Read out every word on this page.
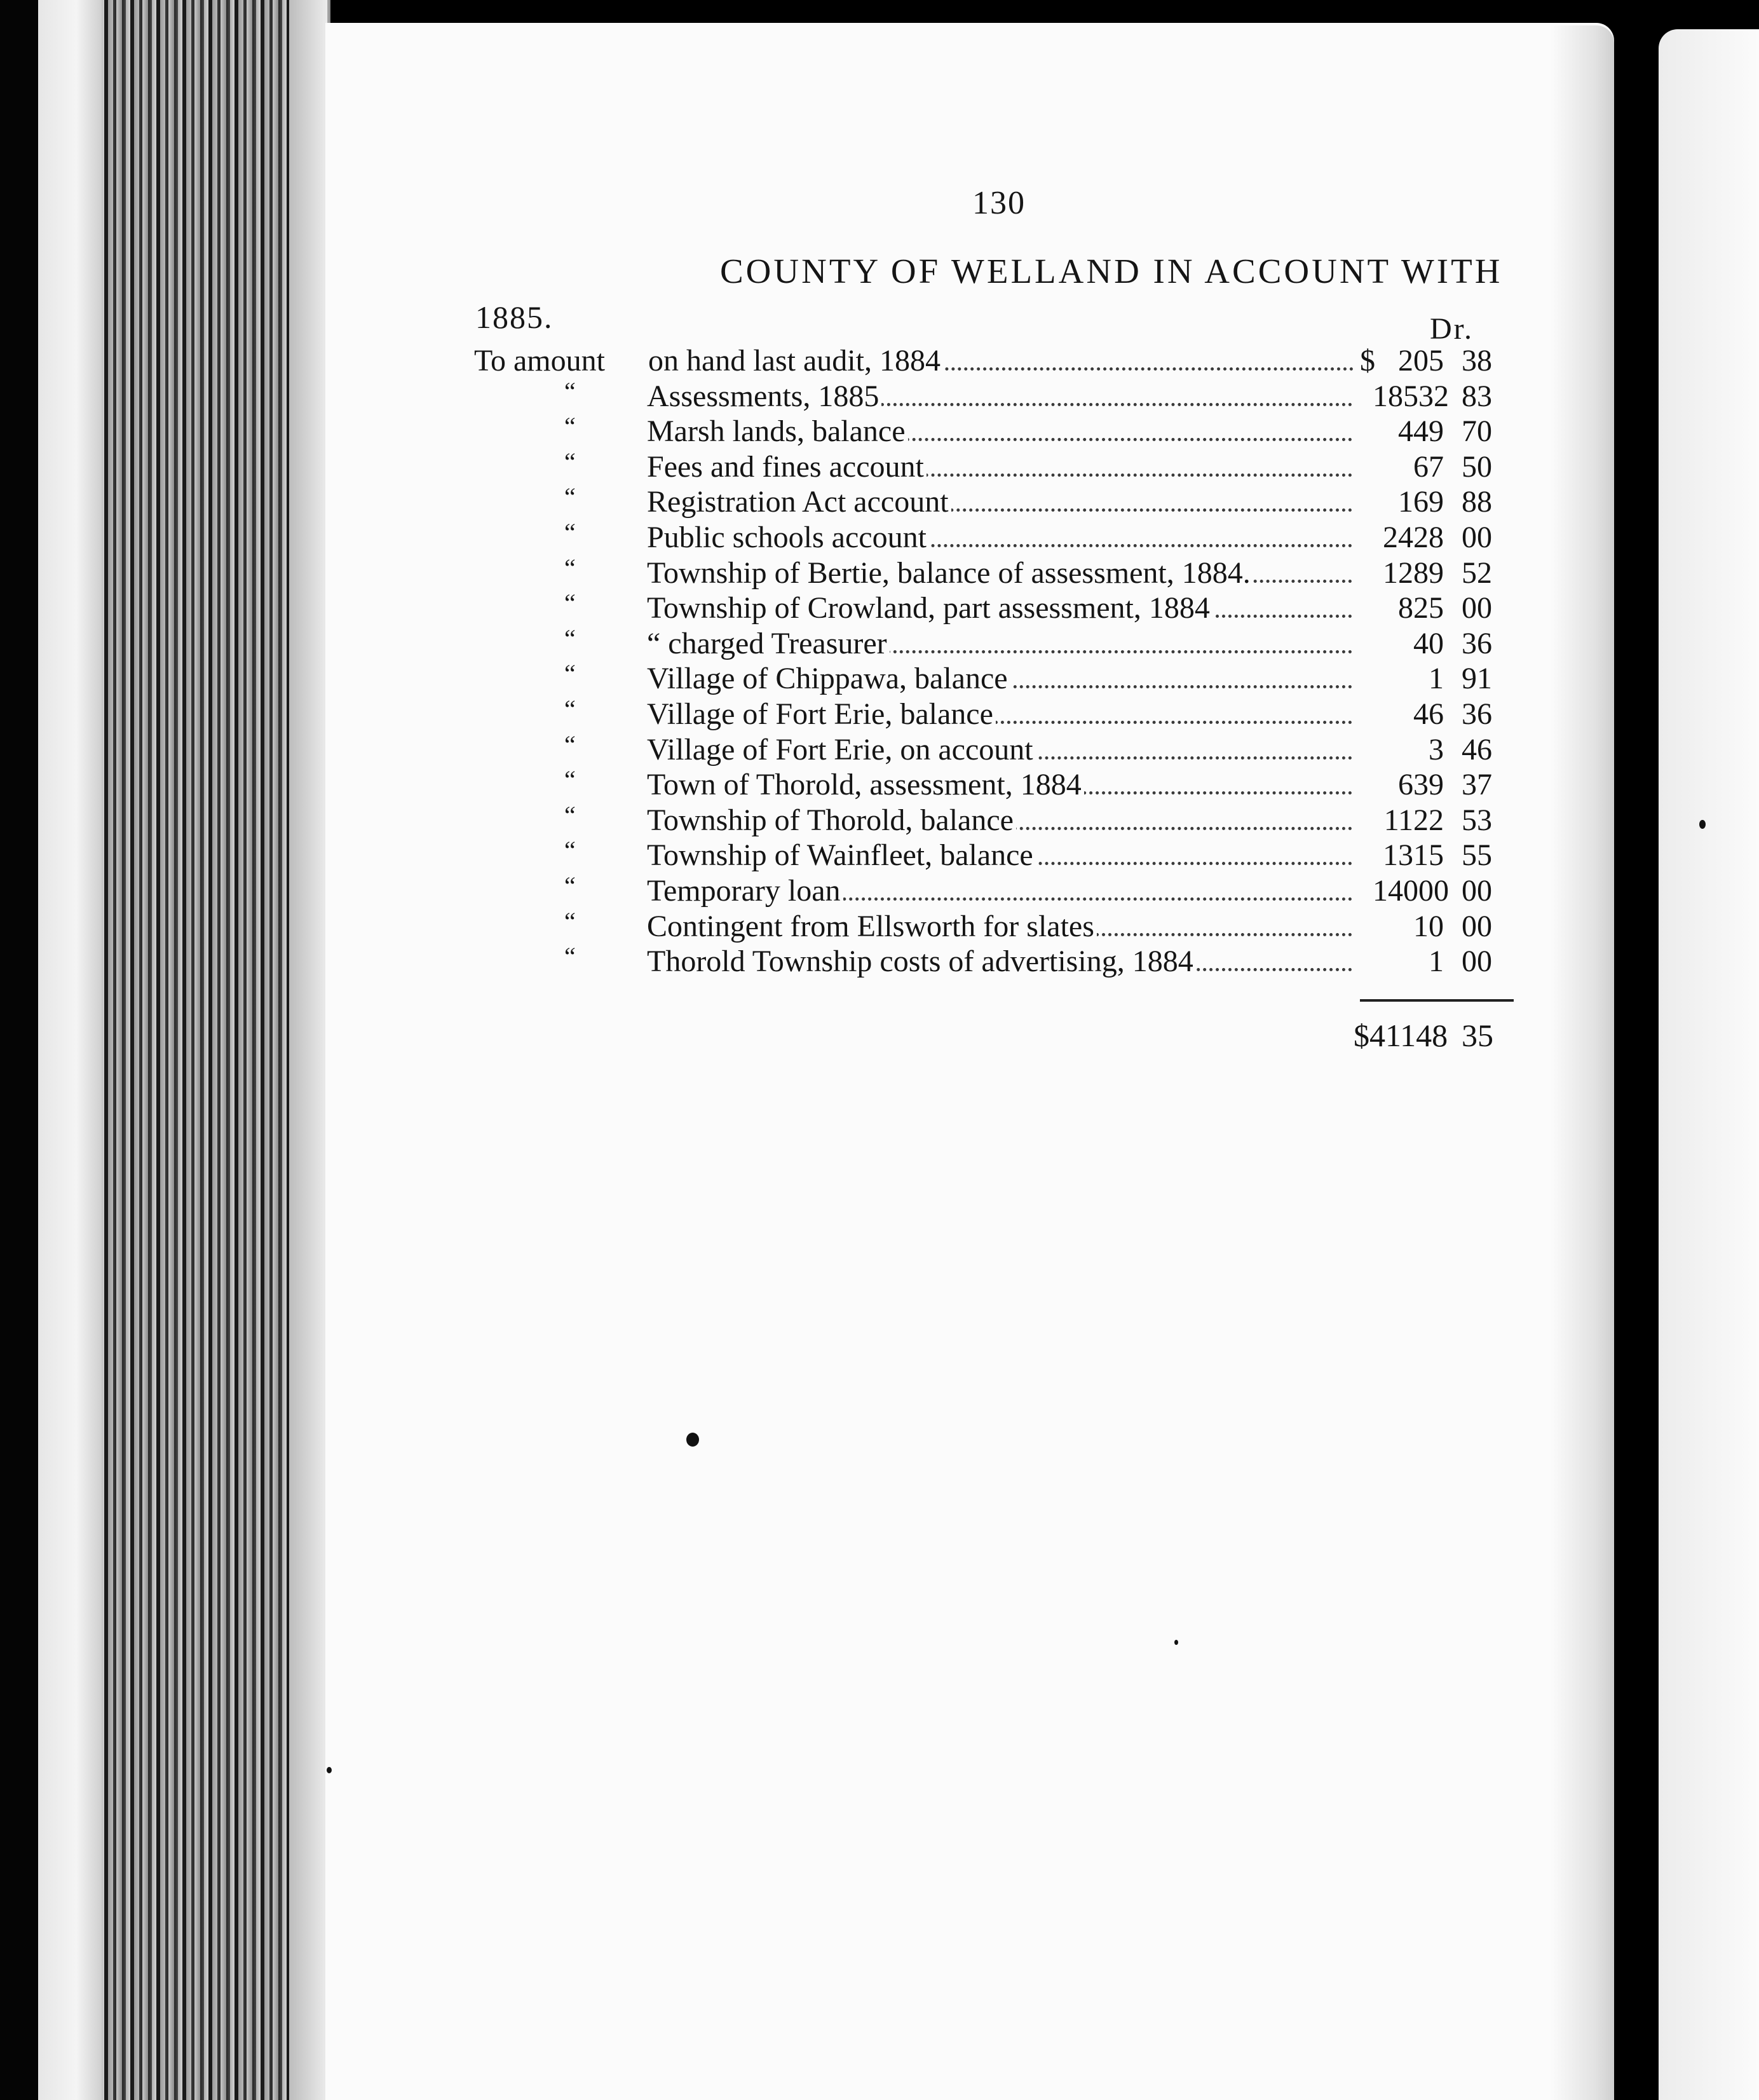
130
COUNTY OF WELLAND IN ACCOUNT WITH
1885.	Dr.
To amount on hand last audit, 1884	$ 205 38
“ Assessments, 1885	18532 83
“ Marsh lands, balance	449 70
“ Fees and fines account	67 50
“ Registration Act account	169 88
“ Public schools account	2428 00
“ Township of Bertie, balance of assessment, 1884.	1289 52
“ Township of Crowland, part assessment, 1884	825 00
“ “ charged Treasurer	40 36
“ Village of Chippawa, balance	1 91
“ Village of Fort Erie, balance	46 36
“ Village of Fort Erie, on account	3 46
“ Town of Thorold, assessment, 1884	639 37
“ Township of Thorold, balance	1122 53
“ Township of Wainfleet, balance	1315 55
“ Temporary loan	14000 00
“ Contingent from Ellsworth for slates	10 00
“ Thorold Township costs of advertising, 1884	1 00
$41148 35
